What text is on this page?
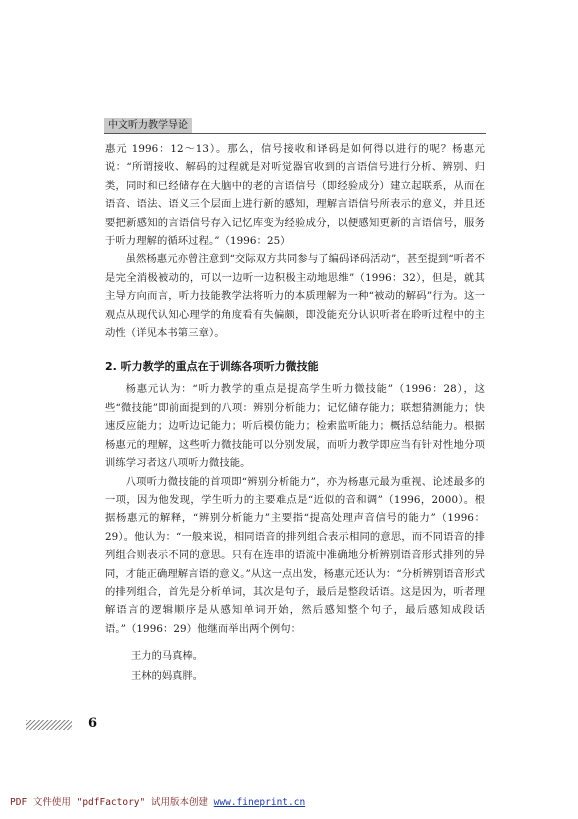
中文听力教学导论

惠元 1996：12～13）。那么，信号接收和译码是如何得以进行的呢？杨惠元说：“所谓接收、解码的过程就是对听觉器官收到的言语信号进行分析、辨别、归类，同时和已经储存在大脑中的老的言语信号（即经验成分）建立起联系，从而在语音、语法、语义三个层面上进行新的感知，理解言语信号所表示的意义，并且还要把新感知的言语信号存入记忆库变为经验成分，以便感知更新的言语信号，服务于听力理解的循环过程。”（1996：25）

虽然杨惠元亦曾注意到“交际双方共同参与了编码译码活动”，甚至提到“听者不是完全消极被动的，可以一边听一边积极主动地思维”（1996：32），但是，就其主导方向而言，听力技能教学法将听力的本质理解为一种“被动的解码”行为。这一观点从现代认知心理学的角度看有失偏颇，即没能充分认识听者在聆听过程中的主动性（详见本书第三章）。

2. 听力教学的重点在于训练各项听力微技能

杨惠元认为：“听力教学的重点是提高学生听力微技能”（1996：28），这些“微技能”即前面提到的八项：辨别分析能力；记忆储存能力；联想猜测能力；快速反应能力；边听边记能力；听后模仿能力；检索监听能力；概括总结能力。根据杨惠元的理解，这些听力微技能可以分别发展，而听力教学即应当有针对性地分项训练学习者这八项听力微技能。

八项听力微技能的首项即“辨别分析能力”，亦为杨惠元最为重视、论述最多的一项，因为他发现，学生听力的主要难点是“近似的音和调”（1996，2000）。根据杨惠元的解释，“辨别分析能力”主要指“提高处理声音信号的能力”（1996：29）。他认为：“一般来说，相同语音的排列组合表示相同的意思，而不同语音的排列组合则表示不同的意思。只有在连串的语流中准确地分析辨别语音形式排列的异同，才能正确理解言语的意义。”从这一点出发，杨惠元还认为：“分析辨别语音形式的排列组合，首先是分析单词，其次是句子，最后是整段话语。这是因为，听者理解语言的逻辑顺序是从感知单词开始，然后感知整个句子，最后感知成段话语。”（1996：29）他继而举出两个例句：

王力的马真棒。
王林的妈真胖。
6
PDF 文件使用 "pdfFactory" 试用版本创建 www.fineprint.cn
